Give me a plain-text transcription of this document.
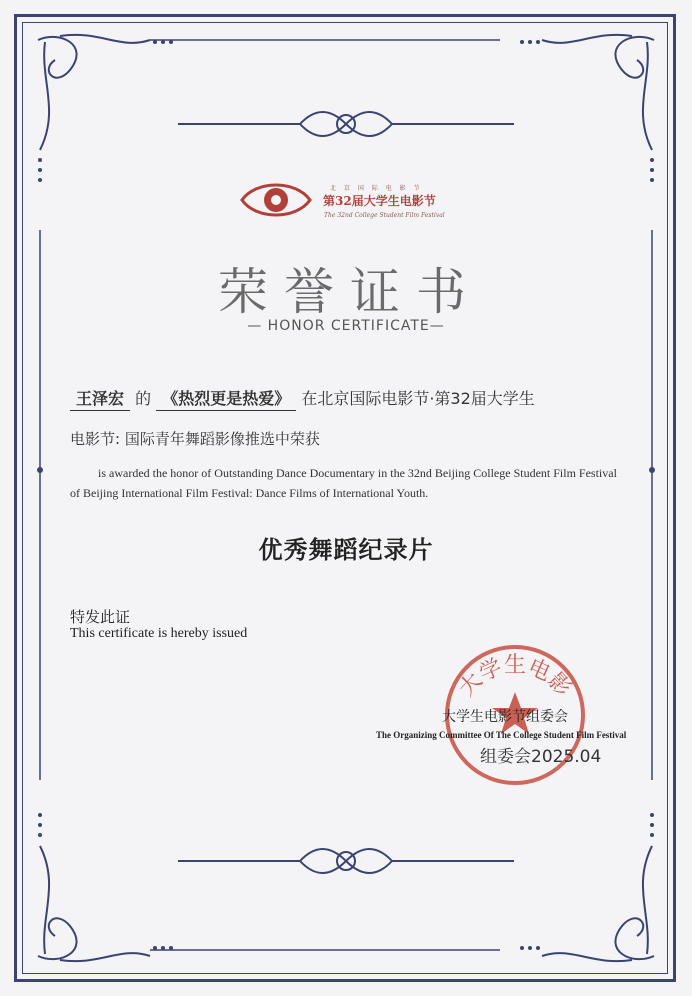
北 京 国 际 电 影 节
第32届大学生电影节
The 32nd College Student Film Festival
荣誉证书
— HONOR CERTIFICATE—
王泽宏 的 《热烈更是热爱》 在北京国际电影节·第32届大学生
电影节: 国际青年舞蹈影像推选中荣获
is awarded the honor of Outstanding Dance Documentary in the 32nd Beijing College Student Film Festival
of Beijing International Film Festival: Dance Films of International Youth.
优秀舞蹈纪录片
特发此证
This certificate is hereby issued
大学生电影
大学生电影节组委会
The Organizing Committee Of The College Student Film Festival
组委会2025.04
